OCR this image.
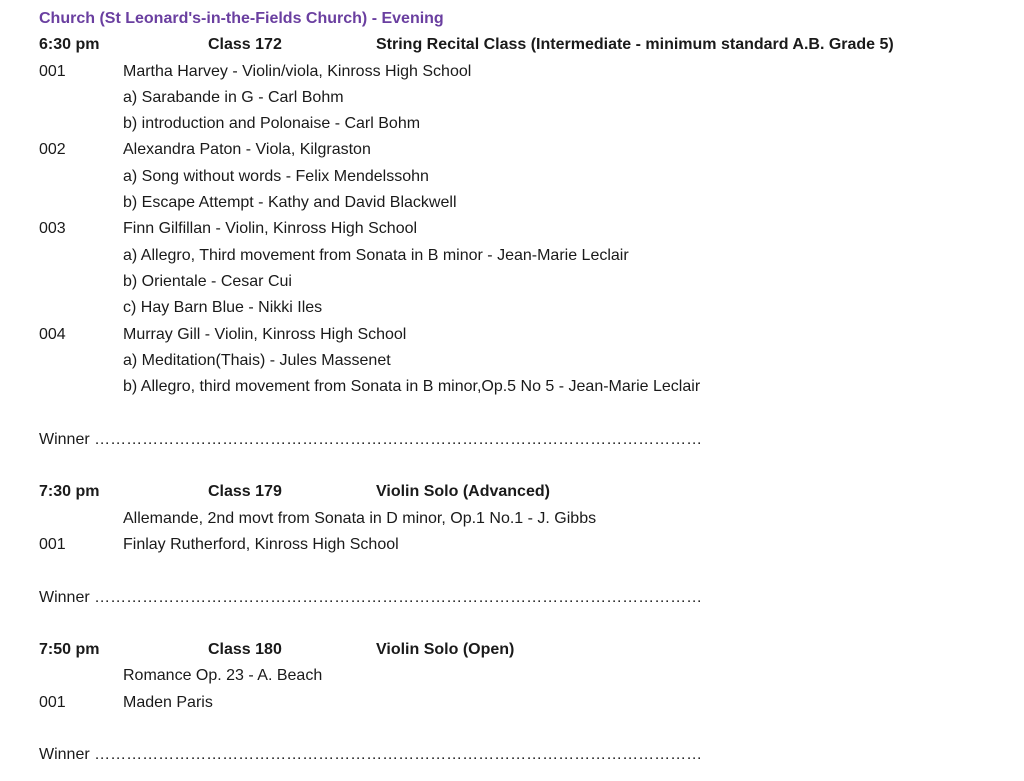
Church (St Leonard's-in-the-Fields Church) - Evening
6:30 pm	Class 172	String Recital Class (Intermediate - minimum standard A.B. Grade 5)
001	Martha Harvey - Violin/viola, Kinross High School
a) Sarabande in G - Carl Bohm
b) introduction and Polonaise - Carl Bohm
002	Alexandra Paton - Viola, Kilgraston
a) Song without words - Felix Mendelssohn
b) Escape Attempt - Kathy and David Blackwell
003	Finn Gilfillan - Violin, Kinross High School
a) Allegro, Third movement from Sonata in B minor - Jean-Marie Leclair
b) Orientale - Cesar Cui
c) Hay Barn Blue - Nikki Iles
004	Murray Gill - Violin, Kinross High School
a) Meditation(Thais) - Jules Massenet
b) Allegro, third movement from Sonata in B minor,Op.5 No 5 - Jean-Marie Leclair
Winner ……………………………………………………………………………………………………
7:30 pm	Class 179	Violin Solo (Advanced)
Allemande, 2nd movt from Sonata in D minor, Op.1 No.1 - J. Gibbs
001	Finlay Rutherford, Kinross High School
Winner ……………………………………………………………………………………………………
7:50 pm	Class 180	Violin Solo (Open)
Romance Op. 23 - A. Beach
001	Maden Paris
Winner ……………………………………………………………………………………………………
